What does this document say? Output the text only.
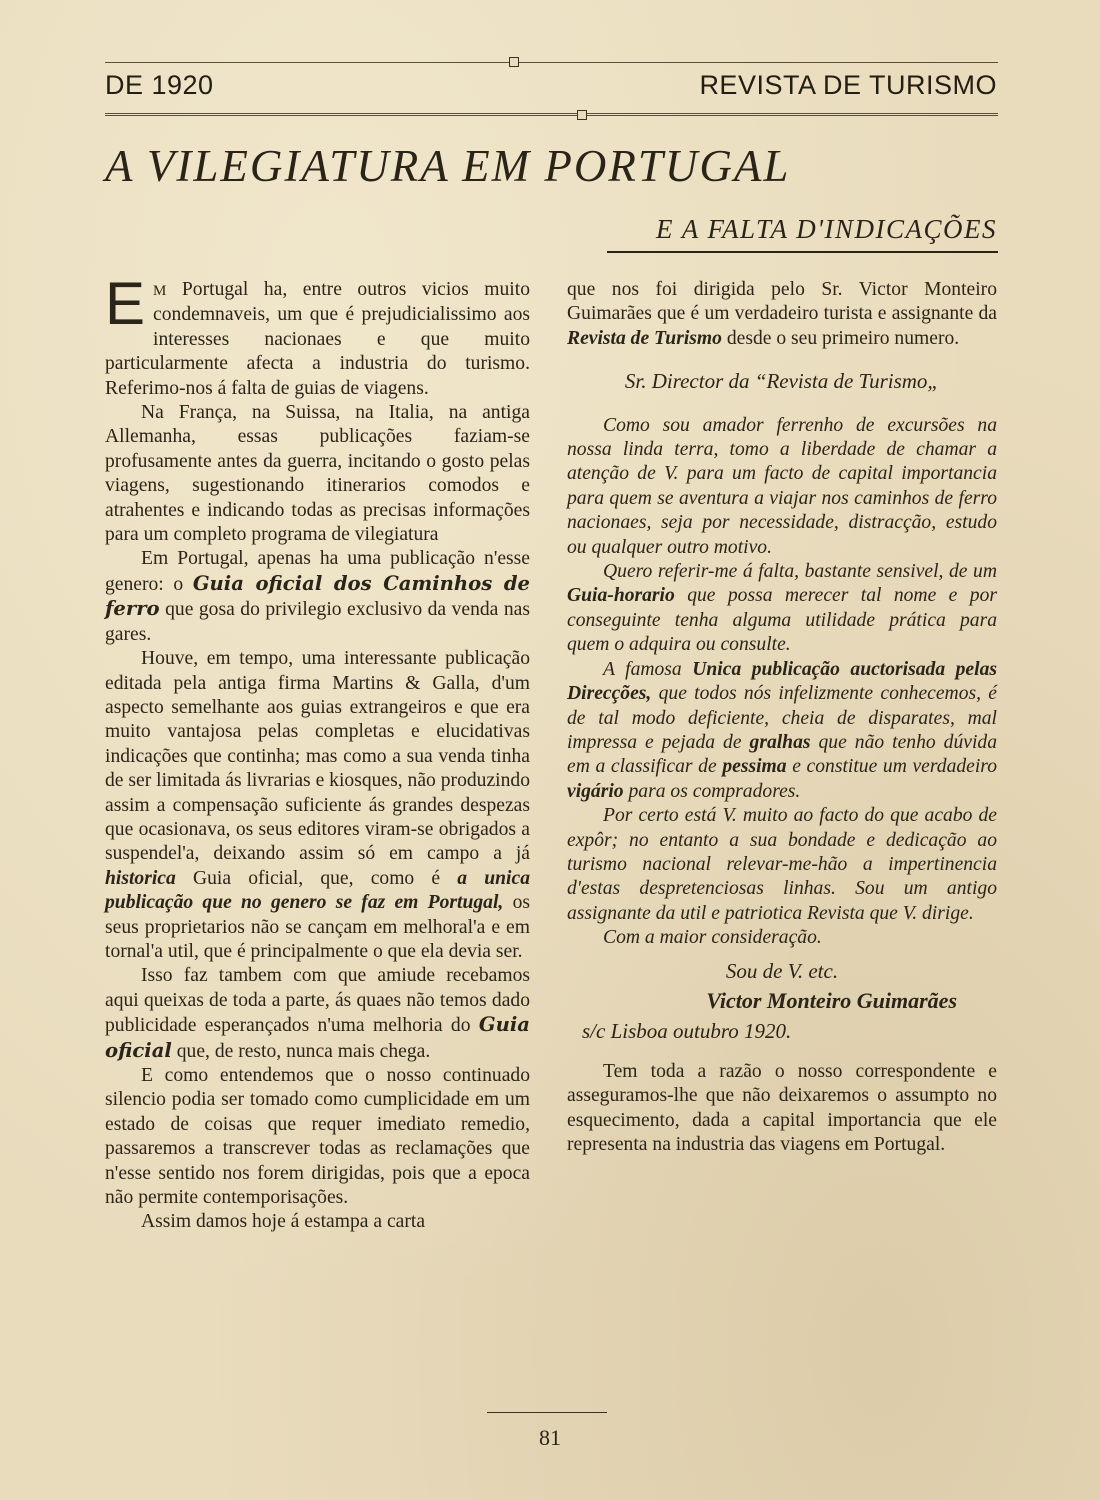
DE 1920	REVISTA DE TURISMO
A VILEGIATURA EM PORTUGAL
E A FALTA D'INDICAÇÕES

E M Portugal ha, entre outros vicios muito condemnaveis, um que é prejudicialissimo aos interesses nacionaes e que muito particularmente afecta a industria do turismo. Referimo-nos á falta de guias de viagens.

Na França, na Suissa, na Italia, na antiga Allemanha, essas publicações faziam-se profusamente antes da guerra, incitando o gosto pelas viagens, sugestionando itinerarios comodos e atrahentes e indicando todas as precisas informações para um completo programa de vilegiatura

Em Portugal, apenas ha uma publicação n'esse genero: o Guia oficial dos Caminhos de ferro que gosa do privilegio exclusivo da venda nas gares.

Houve, em tempo, uma interessante publicação editada pela antiga firma Martins & Galla, d'um aspecto semelhante aos guias extrangeiros e que era muito vantajosa pelas completas e elucidativas indicações que continha; mas como a sua venda tinha de ser limitada ás livrarias e kiosques, não produzindo assim a compensação suficiente ás grandes despezas que ocasionava, os seus editores viram-se obrigados a suspendel'a, deixando assim só em campo a já historica Guia oficial, que, como é a unica publicação que no genero se faz em Portugal, os seus proprietarios não se cançam em melhoral'a e em tornal'a util, que é principalmente o que ela devia ser.

Isso faz tambem com que amiude recebamos aqui queixas de toda a parte, ás quaes não temos dado publicidade esperançados n'uma melhoria do Guia oficial que, de resto, nunca mais chega.

E como entendemos que o nosso continuado silencio podia ser tomado como cumplicidade em um estado de coisas que requer imediato remedio, passaremos a transcrever todas as reclamações que n'esse sentido nos forem dirigidas, pois que a epoca não permite contemporisações.

Assim damos hoje á estampa a carta

que nos foi dirigida pelo Sr. Victor Monteiro Guimarães que é um verdadeiro turista e assignante da Revista de Turismo desde o seu primeiro numero.

Sr. Director da “Revista de Turismo„

Como sou amador ferrenho de excursões na nossa linda terra, tomo a liberdade de chamar a atenção de V. para um facto de capital importancia para quem se aventura a viajar nos caminhos de ferro nacionaes, seja por necessidade, distracção, estudo ou qualquer outro motivo.

Quero referir-me á falta, bastante sensivel, de um Guia-horario que possa merecer tal nome e por conseguinte tenha alguma utilidade prática para quem o adquira ou consulte.

A famosa Unica publicação auctorisada pelas Direcções, que todos nós infelizmente conhecemos, é de tal modo deficiente, cheia de disparates, mal impressa e pejada de gralhas que não tenho dúvida em a classificar de pessima e constitue um verdadeiro vigário para os compradores.

Por certo está V. muito ao facto do que acabo de expôr; no entanto a sua bondade e dedicação ao turismo nacional relevar-me-hão a impertinencia d'estas despretenciosas linhas. Sou um antigo assignante da util e patriotica Revista que V. dirige.

Com a maior consideração.

Sou de V. etc.

Victor Monteiro Guimarães

s/c Lisboa outubro 1920.

Tem toda a razão o nosso correspondente e asseguramos-lhe que não deixaremos o assumpto no esquecimento, dada a capital importancia que ele representa na industria das viagens em Portugal.

81
